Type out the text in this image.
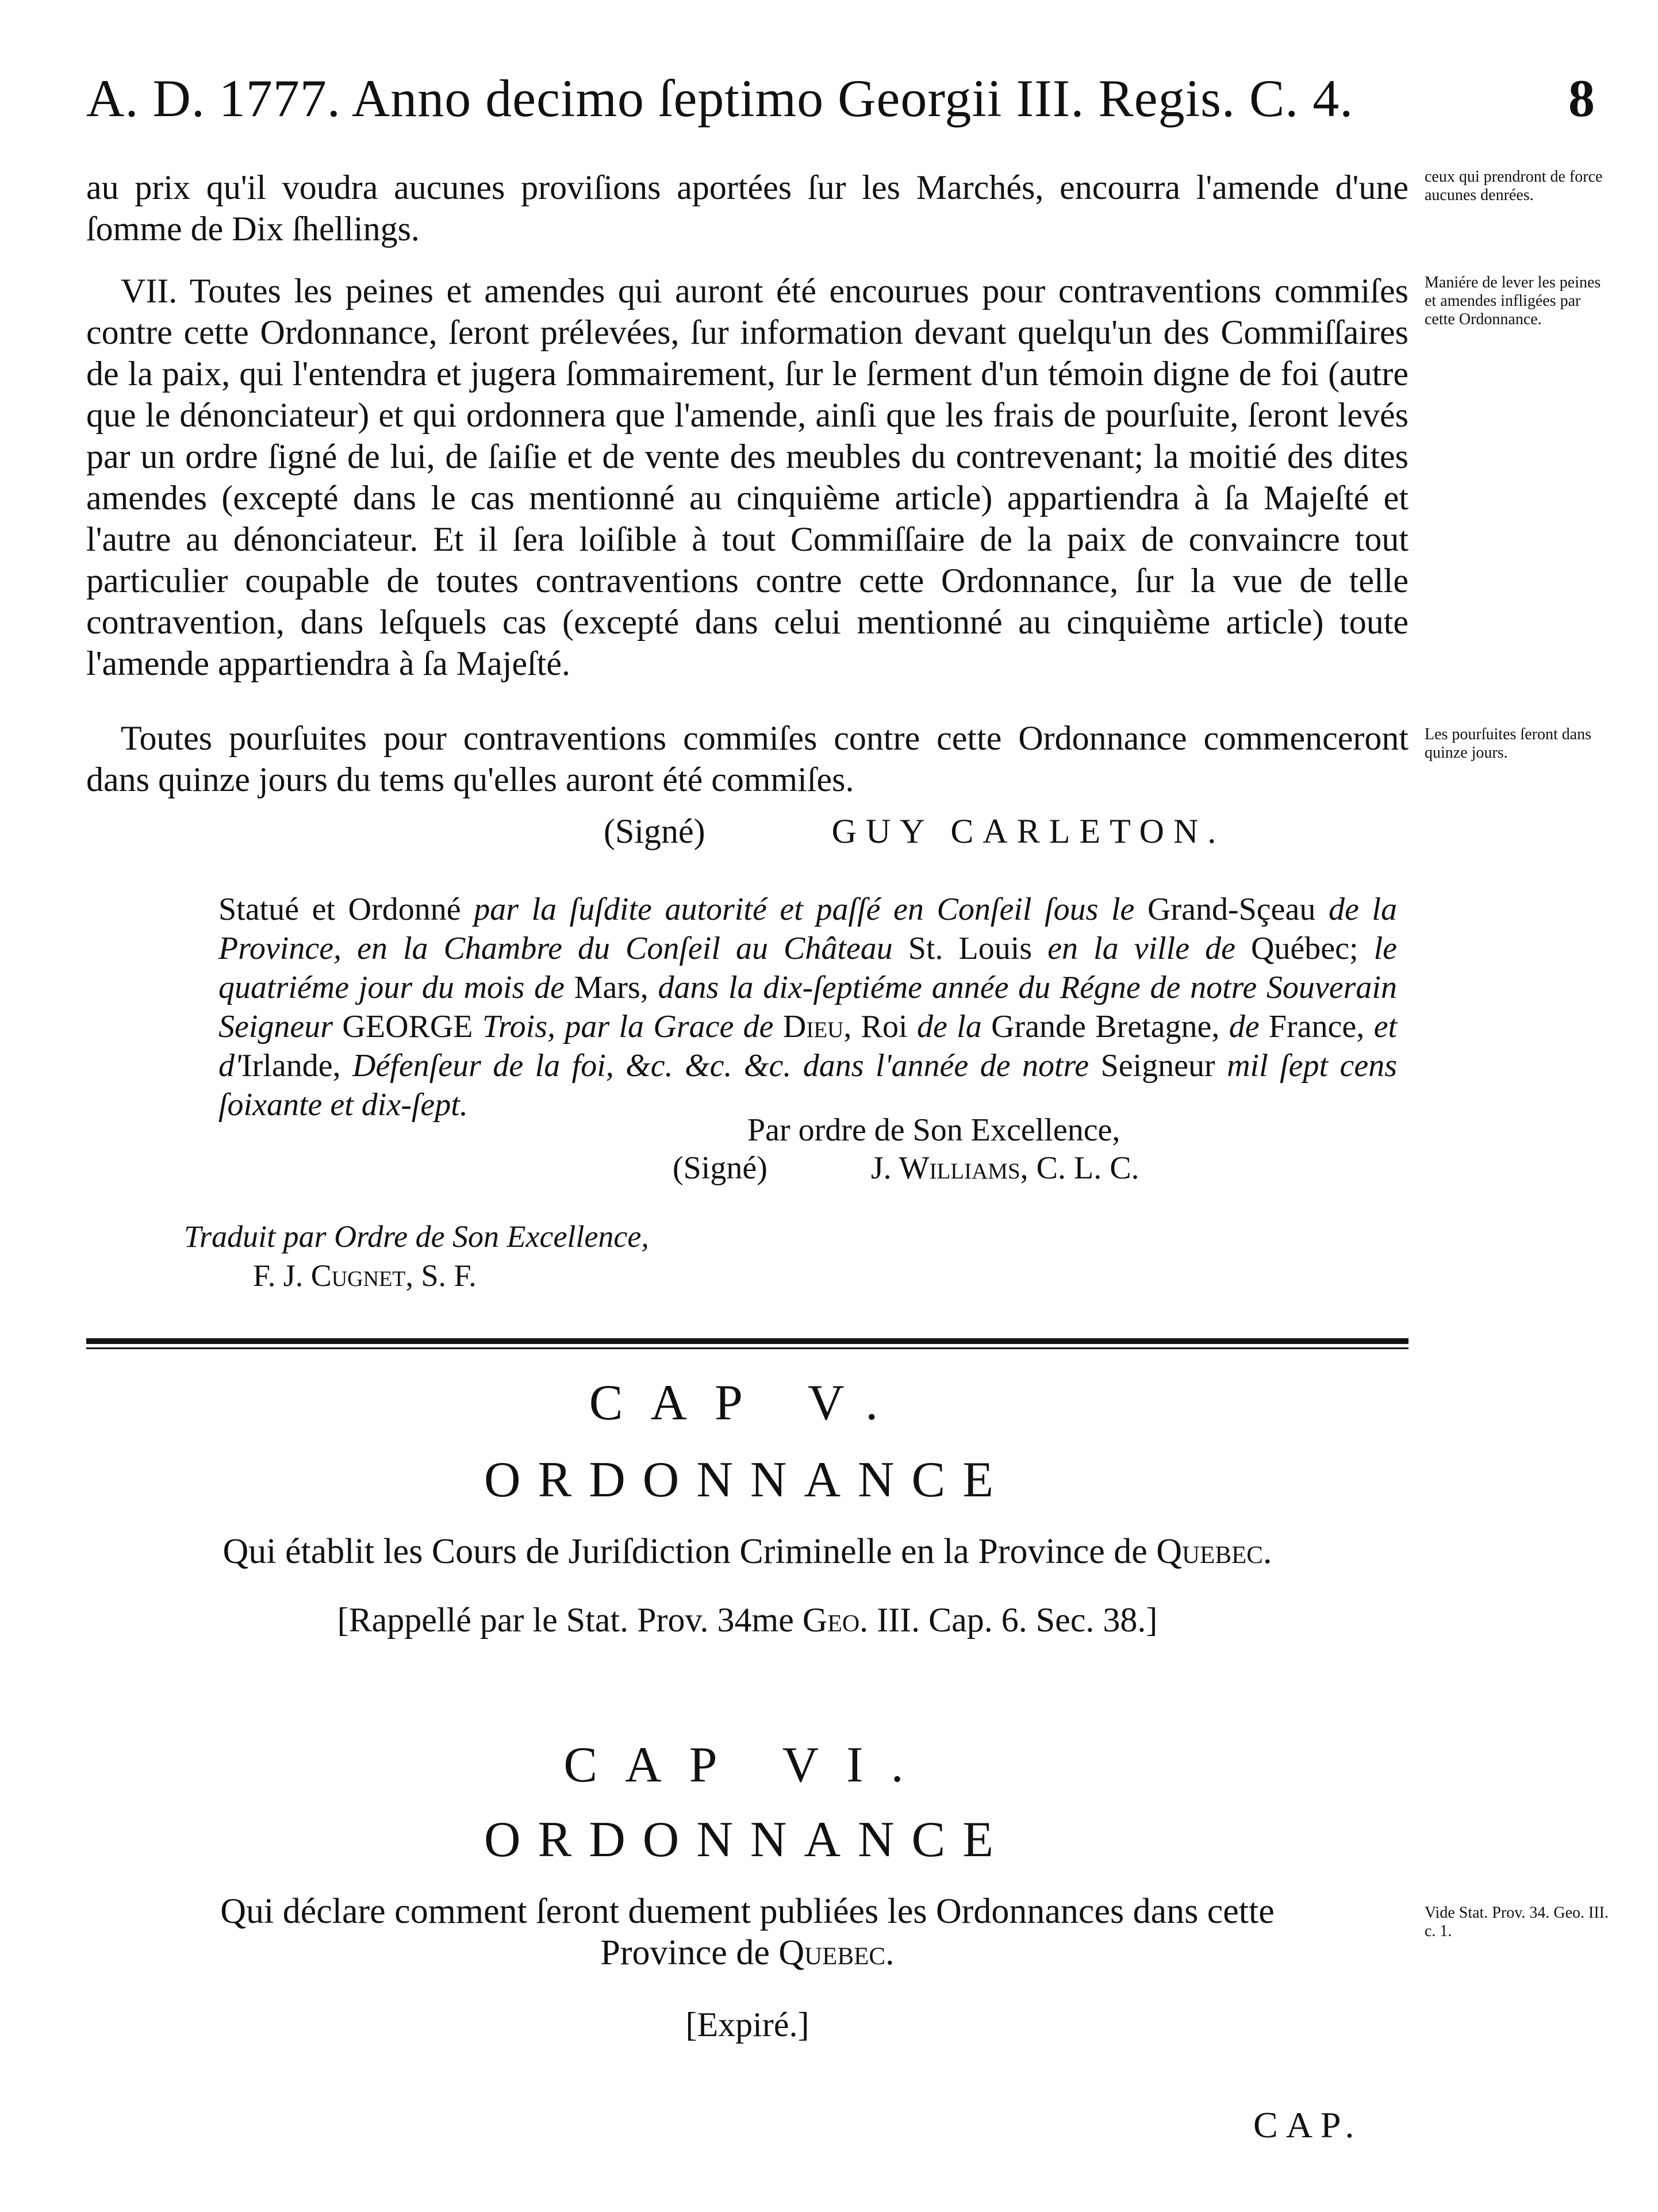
A. D. 1777. Anno decimo ſeptimo Georgii III. Regis. C. 4.	8
au prix qu'il voudra aucunes proviſions aportées ſur les Marchés, encourra l'amende d'une ſomme de Dix ſhellings.
ceux qui prendront de force aucunes denrées.
VII. Toutes les peines et amendes qui auront été encourues pour contraventions commiſes contre cette Ordonnance, ſeront prélevées, ſur information devant quelqu'un des Commiſſaires de la paix, qui l'entendra et jugera ſommairement, ſur le ſerment d'un témoin digne de foi (autre que le dénonciateur) et qui ordonnera que l'amende, ainſi que les frais de pourſuite, ſeront levés par un ordre ſigné de lui, de ſaiſie et de vente des meubles du contrevenant; la moitié des dites amendes (excepté dans le cas mentionné au cinquième article) appartiendra à ſa Majeſté et l'autre au dénonciateur. Et il ſera loiſible à tout Commiſſaire de la paix de convaincre tout particulier coupable de toutes contraventions contre cette Ordonnance, ſur la vue de telle contravention, dans leſquels cas (excepté dans celui mentionné au cinquième article) toute l'amende appartiendra à ſa Majeſté.
Maniére de lever les peines et amendes infligées par cette Ordonnance.
Toutes pourſuites pour contraventions commiſes contre cette Ordonnance commenceront dans quinze jours du tems qu'elles auront été commiſes.
Les pourſuites ſeront dans quinze jours.
(Signé)	GUY CARLETON.
Statué et Ordonné par la ſuſdite autorité et paſſé en Conſeil ſous le Grand-Sçeau de la Province, en la Chambre du Conſeil au Château St. Louis en la ville de Québec; le quatriéme jour du mois de Mars, dans la dix-ſeptiéme année du Régne de notre Souverain Seigneur GEORGE Trois, par la Grace de Dieu, Roi de la Grande Bretagne, de France, et d'Irlande, Défenſeur de la foi, &c. &c. &c. dans l'année de notre Seigneur mil ſept cens ſoixante et dix-ſept.
Par ordre de Son Excellence,
(Signé)	J. Williams, C. L. C.
Traduit par Ordre de Son Excellence,
F. J. Cugnet, S. F.
CAP V.
ORDONNANCE
Qui établit les Cours de Juriſdiction Criminelle en la Province de Quebec.
[Rappellé par le Stat. Prov. 34me Geo. III. Cap. 6. Sec. 38.]
CAP VI.
ORDONNANCE
Qui déclare comment ſeront duement publiées les Ordonnances dans cette
Province de Quebec.
Vide Stat. Prov. 34. Geo. III. c. 1.
[Expiré.]
CAP.
